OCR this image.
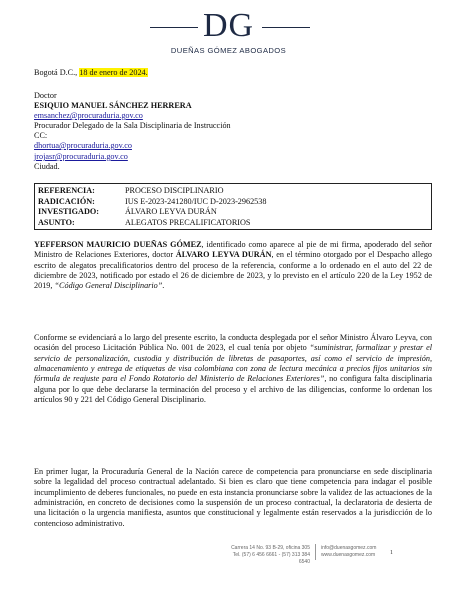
DG
DUEÑAS GÓMEZ ABOGADOS
Bogotá D.C., 18 de enero de 2024.
Doctor
ESIQUIO MANUEL SÁNCHEZ HERRERA
emsanchez@procuraduria.gov.co
Procurador Delegado de la Sala Disciplinaria de Instrucción
CC:
dhortua@procuraduria.gov.co
jrojasr@procuraduria.gov.co
Ciudad.
REFERENCIA:	PROCESO DISCIPLINARIO
RADICACIÓN:	IUS E-2023-241280/IUC D-2023-2962538
INVESTIGADO:	ÁLVARO LEYVA DURÁN
ASUNTO:	ALEGATOS PRECALIFICATORIOS
YEFFERSON MAURICIO DUEÑAS GÓMEZ, identificado como aparece al pie de mi firma, apoderado del señor Ministro de Relaciones Exteriores, doctor ÁLVARO LEYVA DURÁN, en el término otorgado por el Despacho allego escrito de alegatos precalificatorios dentro del proceso de la referencia, conforme a lo ordenado en el auto del 22 de diciembre de 2023, notificado por estado el 26 de diciembre de 2023, y lo previsto en el artículo 220 de la Ley 1952 de 2019, “Código General Disciplinario”.
Conforme se evidenciará a lo largo del presente escrito, la conducta desplegada por el señor Ministro Álvaro Leyva, con ocasión del proceso Licitación Pública No. 001 de 2023, el cual tenía por objeto “suministrar, formalizar y prestar el servicio de personalización, custodia y distribución de libretas de pasaportes, así como el servicio de impresión, almacenamiento y entrega de etiquetas de visa colombiana con zona de lectura mecánica a precios fijos unitarios sin fórmula de reajuste para el Fondo Rotatorio del Ministerio de Relaciones Exteriores”, no configura falta disciplinaria alguna por lo que debe declararse la terminación del proceso y el archivo de las diligencias, conforme lo ordenan los artículos 90 y 221 del Código General Disciplinario.
En primer lugar, la Procuraduría General de la Nación carece de competencia para pronunciarse en sede disciplinaria sobre la legalidad del proceso contractual adelantado. Si bien es claro que tiene competencia para indagar el posible incumplimiento de deberes funcionales, no puede en esta instancia pronunciarse sobre la validez de las actuaciones de la administración, en concreto de decisiones como la suspensión de un proceso contractual, la declaratoria de desierta de una licitación o la urgencia manifiesta, asuntos que constitucional y legalmente están reservados a la jurisdicción de lo contencioso administrativo.
Carrera 14 No. 93 B-29, oficina 305
Tel. (57) 6 456 6661 - (57) 313 384 6540
info@duenasgomez.com
www.duenasgomez.com 1
